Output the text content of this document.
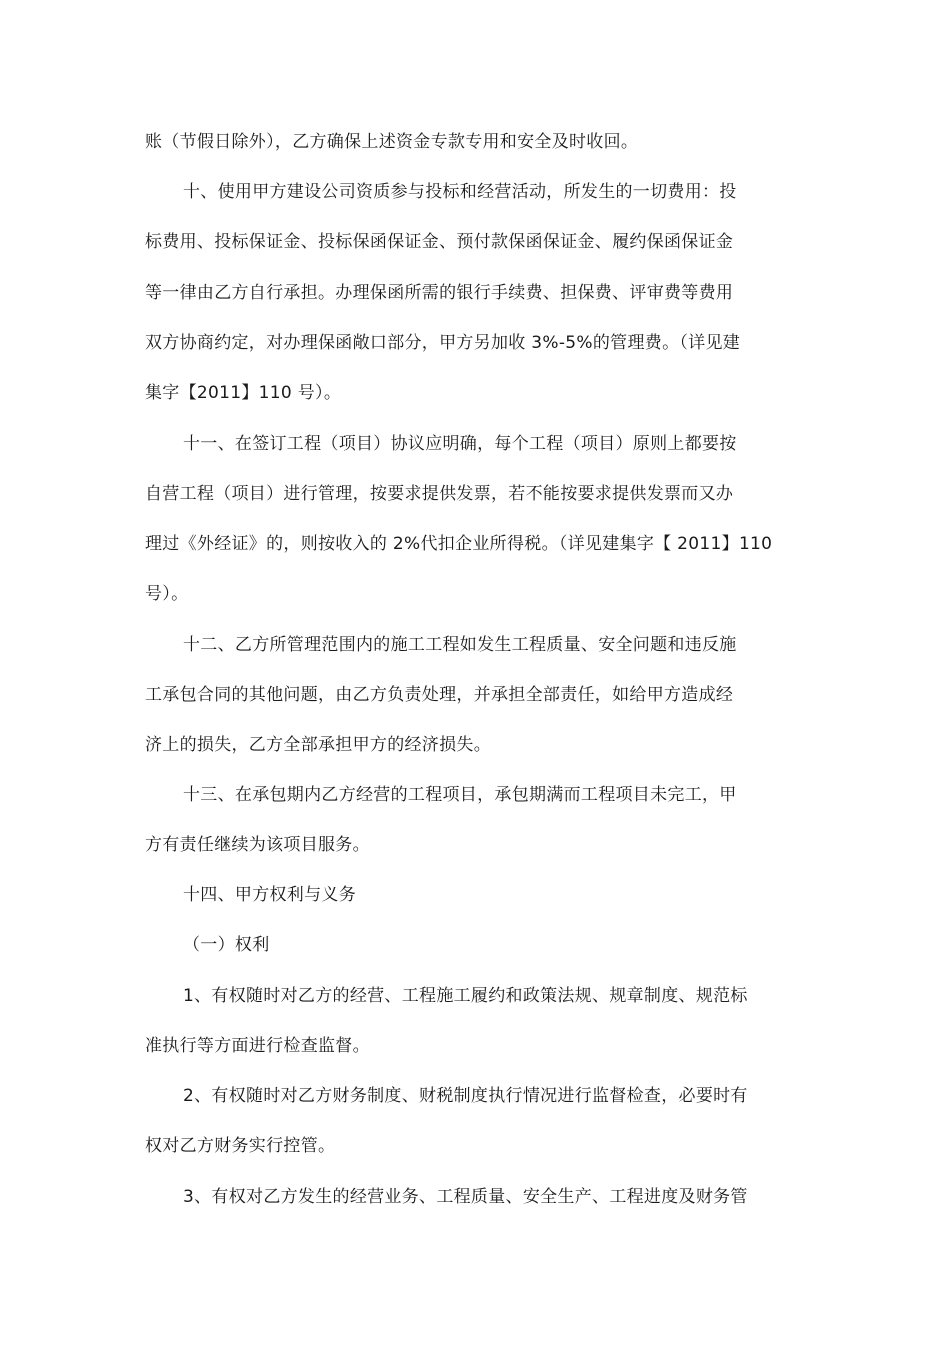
账（节假日除外），乙方确保上述资金专款专用和安全及时收回。
十、使用甲方建设公司资质参与投标和经营活动，所发生的一切费用：投
标费用、投标保证金、投标保函保证金、预付款保函保证金、履约保函保证金
等一律由乙方自行承担。办理保函所需的银行手续费、担保费、评审费等费用
双方协商约定，对办理保函敞口部分，甲方另加收 3%-5%的管理费。（详见建
集字【2011】110 号）。
十一、在签订工程（项目）协议应明确，每个工程（项目）原则上都要按
自营工程（项目）进行管理，按要求提供发票，若不能按要求提供发票而又办
理过《外经证》的，则按收入的 2%代扣企业所得税。（详见建集字【 2011】110
号）。
十二、乙方所管理范围内的施工工程如发生工程质量、安全问题和违反施
工承包合同的其他问题，由乙方负责处理，并承担全部责任，如给甲方造成经
济上的损失，乙方全部承担甲方的经济损失。
十三、在承包期内乙方经营的工程项目，承包期满而工程项目未完工，甲
方有责任继续为该项目服务。
十四、甲方权利与义务
（一）权利
1、有权随时对乙方的经营、工程施工履约和政策法规、规章制度、规范标
准执行等方面进行检查监督。
2、有权随时对乙方财务制度、财税制度执行情况进行监督检查，必要时有
权对乙方财务实行控管。
3、有权对乙方发生的经营业务、工程质量、安全生产、工程进度及财务管
